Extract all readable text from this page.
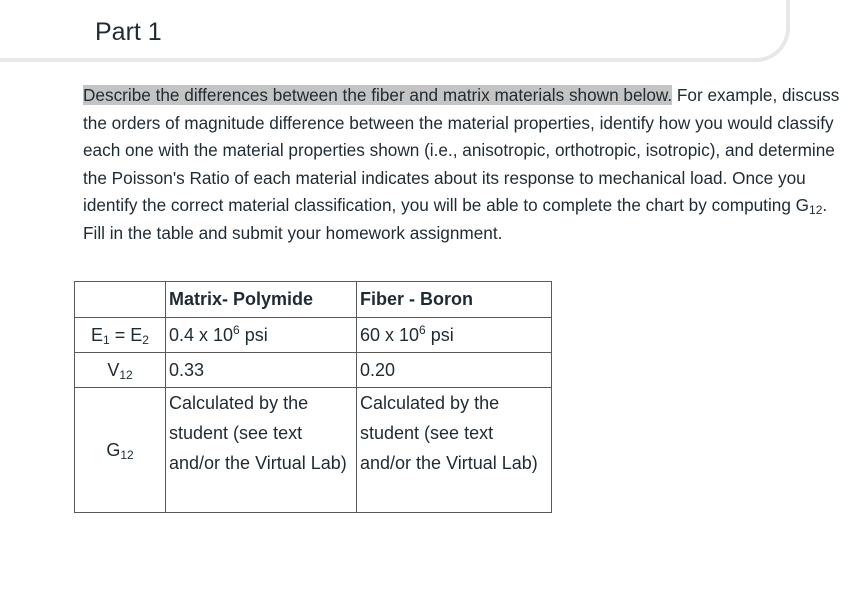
Part 1

Describe the differences between the fiber and matrix materials shown below. For example, discuss the orders of magnitude difference between the material properties, identify how you would classify each one with the material properties shown (i.e., anisotropic, orthotropic, isotropic), and determine the Poisson's Ratio of each material indicates about its response to mechanical load. Once you identify the correct material classification, you will be able to complete the chart by computing $G_{12}$. Fill in the table and submit your homework assignment.

	Matrix- Polymide	Fiber - Boron
$E_1 = E_2$	0.4 x $10^6$ psi	60 x $10^6$ psi
$V_{12}$	0.33	0.20
$G_{12}$	Calculated by the student (see text and/or the Virtual Lab)	Calculated by the student (see text and/or the Virtual Lab)
